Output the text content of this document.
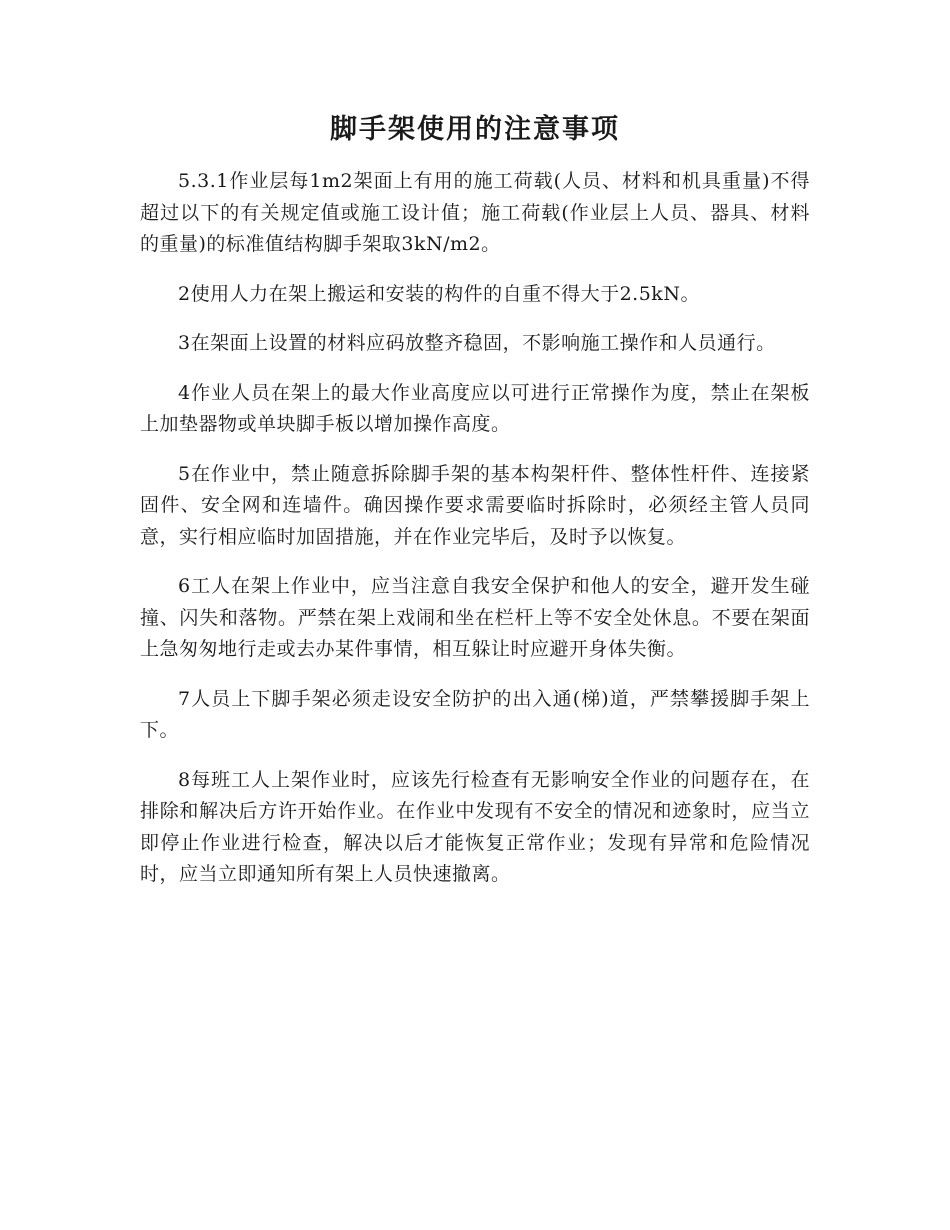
脚手架使用的注意事项

5.3.1作业层每1m2架面上有用的施工荷载(人员、材料和机具重量)不得超过以下的有关规定值或施工设计值；施工荷载(作业层上人员、器具、材料的重量)的标准值结构脚手架取3kN/m2。

2使用人力在架上搬运和安装的构件的自重不得大于2.5kN。

3在架面上设置的材料应码放整齐稳固，不影响施工操作和人员通行。

4作业人员在架上的最大作业高度应以可进行正常操作为度，禁止在架板上加垫器物或单块脚手板以增加操作高度。

5在作业中，禁止随意拆除脚手架的基本构架杆件、整体性杆件、连接紧固件、安全网和连墙件。确因操作要求需要临时拆除时，必须经主管人员同意，实行相应临时加固措施，并在作业完毕后，及时予以恢复。

6工人在架上作业中，应当注意自我安全保护和他人的安全，避开发生碰撞、闪失和落物。严禁在架上戏闹和坐在栏杆上等不安全处休息。不要在架面上急匆匆地行走或去办某件事情，相互躲让时应避开身体失衡。

7人员上下脚手架必须走设安全防护的出入通(梯)道，严禁攀援脚手架上下。

8每班工人上架作业时，应该先行检查有无影响安全作业的问题存在，在排除和解决后方许开始作业。在作业中发现有不安全的情况和迹象时，应当立即停止作业进行检查，解决以后才能恢复正常作业；发现有异常和危险情况时，应当立即通知所有架上人员快速撤离。
